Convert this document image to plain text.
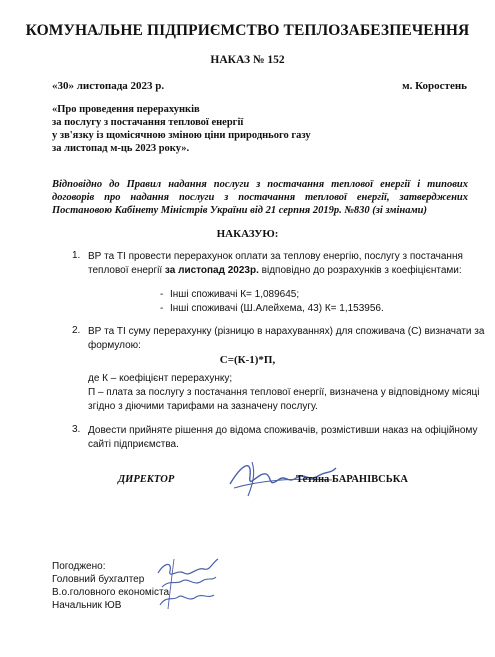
КОМУНАЛЬНЕ ПІДПРИЄМСТВО ТЕПЛОЗАБЕЗПЕЧЕННЯ
НАКАЗ № 152
«30» листопада 2023 р.	м. Коростень
«Про проведення перерахунків
за послугу з постачання теплової енергії
у зв'язку із щомісячною зміною ціни природнього газу
за листопад м-ць 2023 року».
Відповідно до Правил надання послуги з постачання теплової енергії і типових
договорів про надання послуги з постачання теплової енергії, затверджених
Постановою Кабінету Міністрів України від 21 серпня 2019р. №830 (зі змінами)
НАКАЗУЮ:
1. ВР та ТІ провести перерахунок оплати за теплову енергію, послугу з постачання
теплової енергії за листопад 2023р. відповідно до розрахунків з коефіцієнтами:
- Інші споживачі К= 1,089645;
- Інші споживачі (Ш.Алейхема, 43) К= 1,153956.
2. ВР та ТІ суму перерахунку (різницю в нарахуваннях) для споживача (С) визначати за
формулою:
С=(К-1)*П,
де К – коефіцієнт перерахунку;
П – плата за послугу з постачання теплової енергії, визначена у відповідному місяці
згідно з діючими тарифами на зазначену послугу.
3. Довести прийняте рішення до відома споживачів, розмістивши наказ на офіційному
сайті підприємства.
ДИРЕКТОР	Тетяна БАРАНІВСЬКА
Погоджено:
Головний бухгалтер
В.о.головного економіста
Начальник ЮВ
